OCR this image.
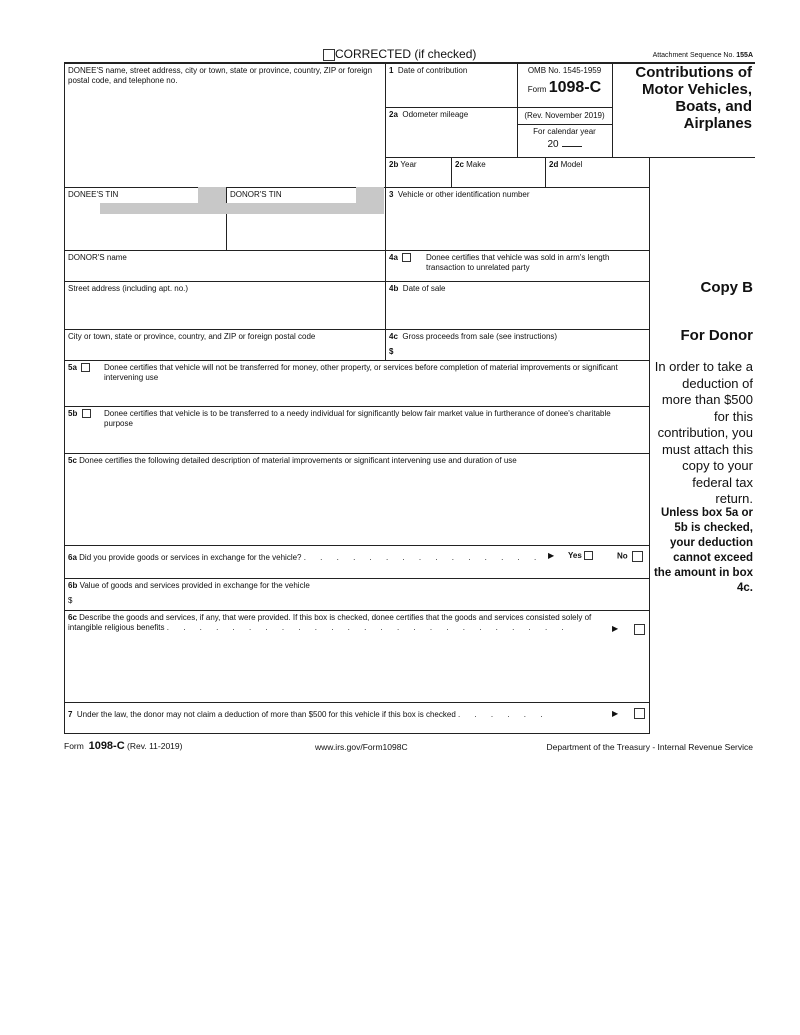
CORRECTED (if checked)	Attachment Sequence No. 155A
DONEE'S name, street address, city or town, state or province, country, ZIP or foreign postal code, and telephone no.
1 Date of contribution
2a Odometer mileage
OMB No. 1545-1959
Form 1098-C
(Rev. November 2019)
For calendar year
20
Contributions of Motor Vehicles, Boats, and Airplanes
2b Year	2c Make	2d Model
DONEE'S TIN	DONOR'S TIN	3 Vehicle or other identification number
DONOR'S name	4a	Donee certifies that vehicle was sold in arm's length transaction to unrelated party
Street address (including apt. no.)	4b Date of sale
City or town, state or province, country, and ZIP or foreign postal code	4c Gross proceeds from sale (see instructions)
$
5a	Donee certifies that vehicle will not be transferred for money, other property, or services before completion of material improvements or significant intervening use
5b	Donee certifies that vehicle is to be transferred to a needy individual for significantly below fair market value in furtherance of donee's charitable purpose
5c Donee certifies the following detailed description of material improvements or significant intervening use and duration of use
6a Did you provide goods or services in exchange for the vehicle? . . . . . . . . . . . . . . . ▶ Yes	No
6b Value of goods and services provided in exchange for the vehicle
$
6c Describe the goods and services, if any, that were provided. If this box is checked, donee certifies that the goods and services consisted solely of intangible religious benefits . . . . . . . . . . . . . . . . . . . . . . . . .	▶
7 Under the law, the donor may not claim a deduction of more than $500 for this vehicle if this box is checked . . . . . .	▶
Copy B
For Donor
In order to take a deduction of more than $500 for this contribution, you must attach this copy to your federal tax return.
Unless box 5a or 5b is checked, your deduction cannot exceed the amount in box 4c.
Form 1098-C (Rev. 11-2019)	www.irs.gov/Form1098C	Department of the Treasury - Internal Revenue Service
